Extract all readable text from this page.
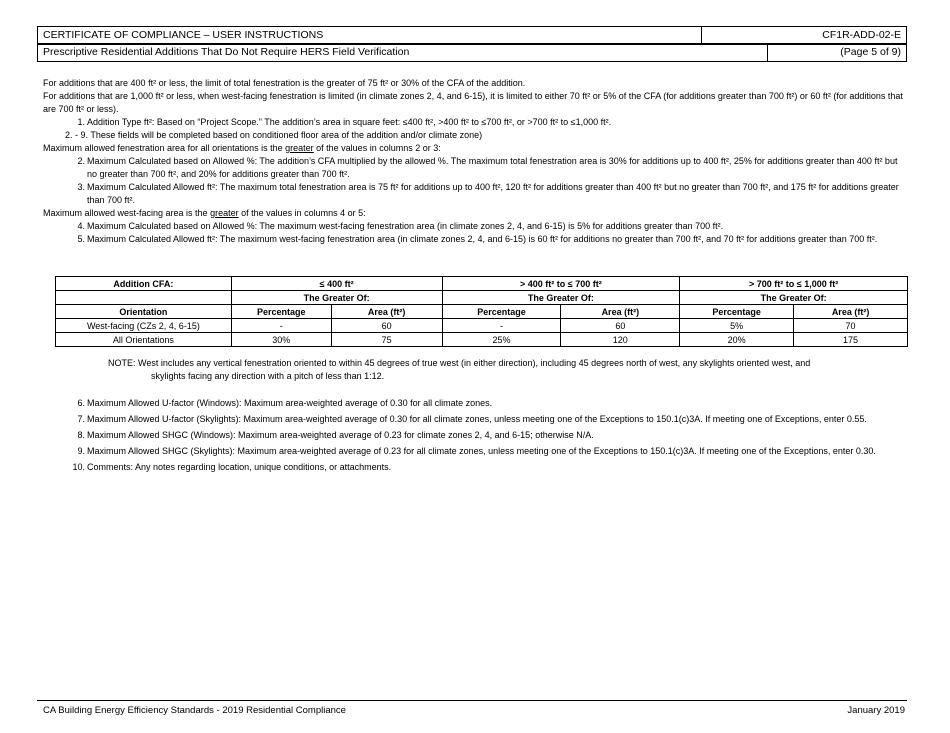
CERTIFICATE OF COMPLIANCE – USER INSTRUCTIONS	CF1R-ADD-02-E
Prescriptive Residential Additions That Do Not Require HERS Field Verification	(Page 5 of 9)

For additions that are 400 ft² or less, the limit of total fenestration is the greater of 75 ft² or 30% of the CFA of the addition.

For additions that are 1,000 ft² or less, when west-facing fenestration is limited (in climate zones 2, 4, and 6-15), it is limited to either 70 ft² or 5% of the CFA (for additions greater than 700 ft²) or 60 ft² (for additions that are 700 ft² or less).

1. Addition Type ft²: Based on “Project Scope.” The addition’s area in square feet: ≤400 ft², >400 ft² to ≤700 ft², or >700 ft² to ≤1,000 ft².
2. - 9. These fields will be completed based on conditioned floor area of the addition and/or climate zone)
Maximum allowed fenestration area for all orientations is the greater of the values in columns 2 or 3:
2. Maximum Calculated based on Allowed %: The addition’s CFA multiplied by the allowed %. The maximum total fenestration area is 30% for additions up to 400 ft², 25% for additions greater than 400 ft² but no greater than 700 ft², and 20% for additions greater than 700 ft².
3. Maximum Calculated Allowed ft²: The maximum total fenestration area is 75 ft² for additions up to 400 ft², 120 ft² for additions greater than 400 ft² but no greater than 700 ft², and 175 ft² for additions greater than 700 ft².
Maximum allowed west-facing area is the greater of the values in columns 4 or 5:
4. Maximum Calculated based on Allowed %: The maximum west-facing fenestration area (in climate zones 2, 4, and 6-15) is 5% for additions greater than 700 ft².
5. Maximum Calculated Allowed ft²: The maximum west-facing fenestration area (in climate zones 2, 4, and 6-15) is 60 ft² for additions no greater than 700 ft², and 70 ft² for additions greater than 700 ft².
Addition CFA:	≤ 400 ft²		> 400 ft² to ≤ 700 ft²		> 700 ft² to ≤ 1,000 ft²	
	The Greater Of:		The Greater Of:		The Greater Of:	
Orientation	Percentage	Area (ft²)	Percentage	Area (ft²)	Percentage	Area (ft²)
West-facing (CZs 2, 4, 6-15)	-	60	-	60	5%	70
All Orientations	30%	75	25%	120	20%	175
NOTE: West includes any vertical fenestration oriented to within 45 degrees of true west (in either direction), including 45 degrees north of west, any skylights oriented west, and
skylights facing any direction with a pitch of less than 1:12.
6. Maximum Allowed U-factor (Windows): Maximum area-weighted average of 0.30 for all climate zones.
7. Maximum Allowed U-factor (Skylights): Maximum area-weighted average of 0.30 for all climate zones, unless meeting one of the Exceptions to 150.1(c)3A. If meeting one of Exceptions, enter 0.55.
8. Maximum Allowed SHGC (Windows): Maximum area-weighted average of 0.23 for climate zones 2, 4, and 6-15; otherwise N/A.
9. Maximum Allowed SHGC (Skylights): Maximum area-weighted average of 0.23 for all climate zones, unless meeting one of the Exceptions to 150.1(c)3A. If meeting one of the Exceptions, enter 0.30.
10. Comments: Any notes regarding location, unique conditions, or attachments.
CA Building Energy Efficiency Standards - 2019 Residential Compliance	January 2019
